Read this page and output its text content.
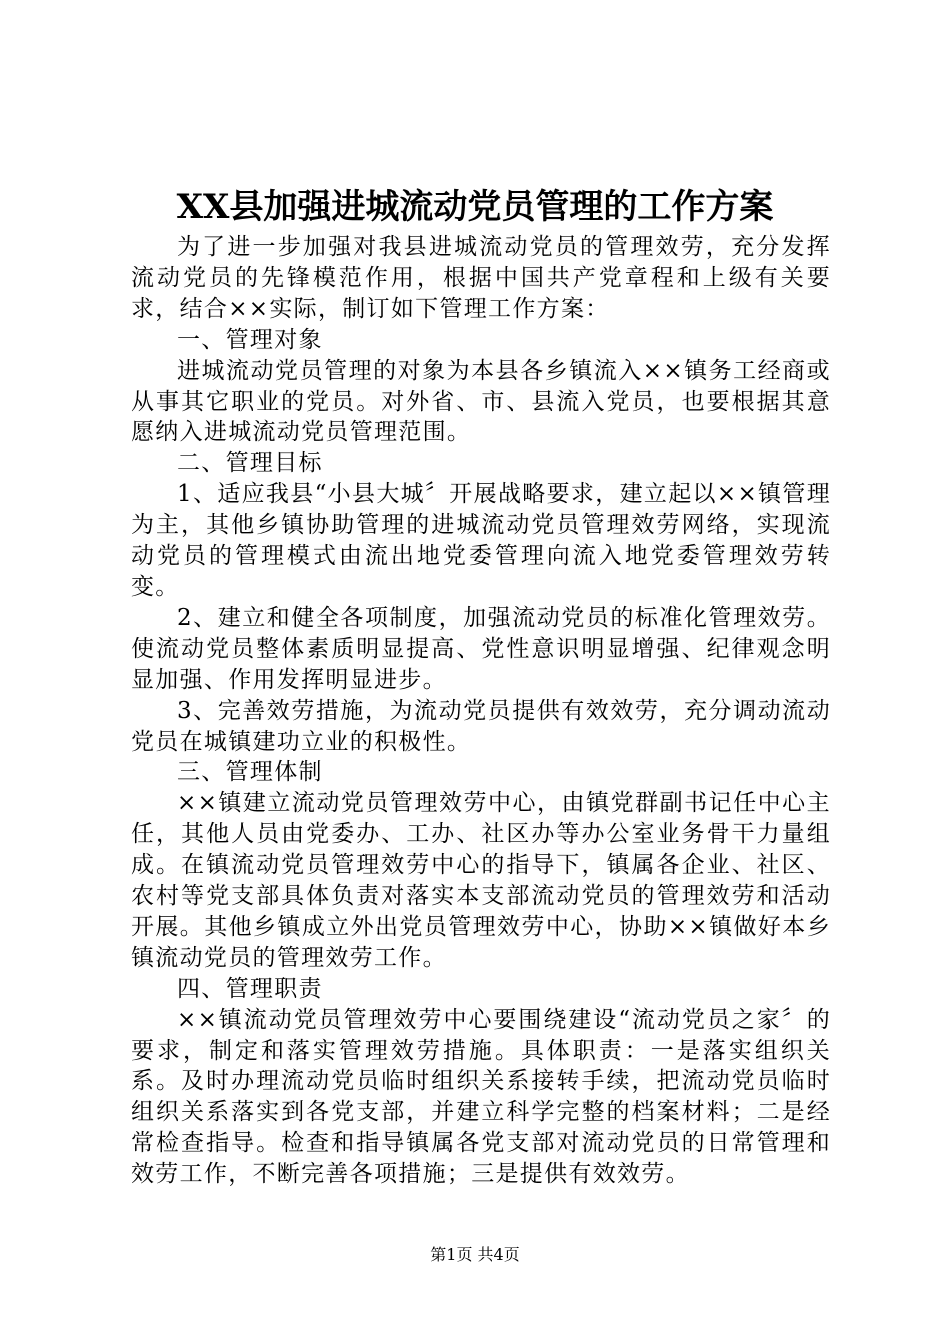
XX县加强进城流动党员管理的工作方案

为了进一步加强对我县进城流动党员的管理效劳，充分发挥流动党员的先锋模范作用，根据中国共产党章程和上级有关要求，结合××实际，制订如下管理工作方案：

一、管理对象

进城流动党员管理的对象为本县各乡镇流入××镇务工经商或从事其它职业的党员。对外省、市、县流入党员，也要根据其意愿纳入进城流动党员管理范围。

二、管理目标

1、适应我县“小县大城〞开展战略要求，建立起以××镇管理为主，其他乡镇协助管理的进城流动党员管理效劳网络，实现流动党员的管理模式由流出地党委管理向流入地党委管理效劳转变。

2、建立和健全各项制度，加强流动党员的标准化管理效劳。使流动党员整体素质明显提高、党性意识明显增强、纪律观念明显加强、作用发挥明显进步。

3、完善效劳措施，为流动党员提供有效效劳，充分调动流动党员在城镇建功立业的积极性。

三、管理体制

××镇建立流动党员管理效劳中心，由镇党群副书记任中心主任，其他人员由党委办、工办、社区办等办公室业务骨干力量组成。在镇流动党员管理效劳中心的指导下，镇属各企业、社区、农村等党支部具体负责对落实本支部流动党员的管理效劳和活动开展。其他乡镇成立外出党员管理效劳中心，协助××镇做好本乡镇流动党员的管理效劳工作。

四、管理职责

××镇流动党员管理效劳中心要围绕建设“流动党员之家〞的要求，制定和落实管理效劳措施。具体职责：一是落实组织关系。及时办理流动党员临时组织关系接转手续，把流动党员临时组织关系落实到各党支部，并建立科学完整的档案材料；二是经常检查指导。检查和指导镇属各党支部对流动党员的日常管理和效劳工作，不断完善各项措施；三是提供有效效劳。

第1页 共4页
